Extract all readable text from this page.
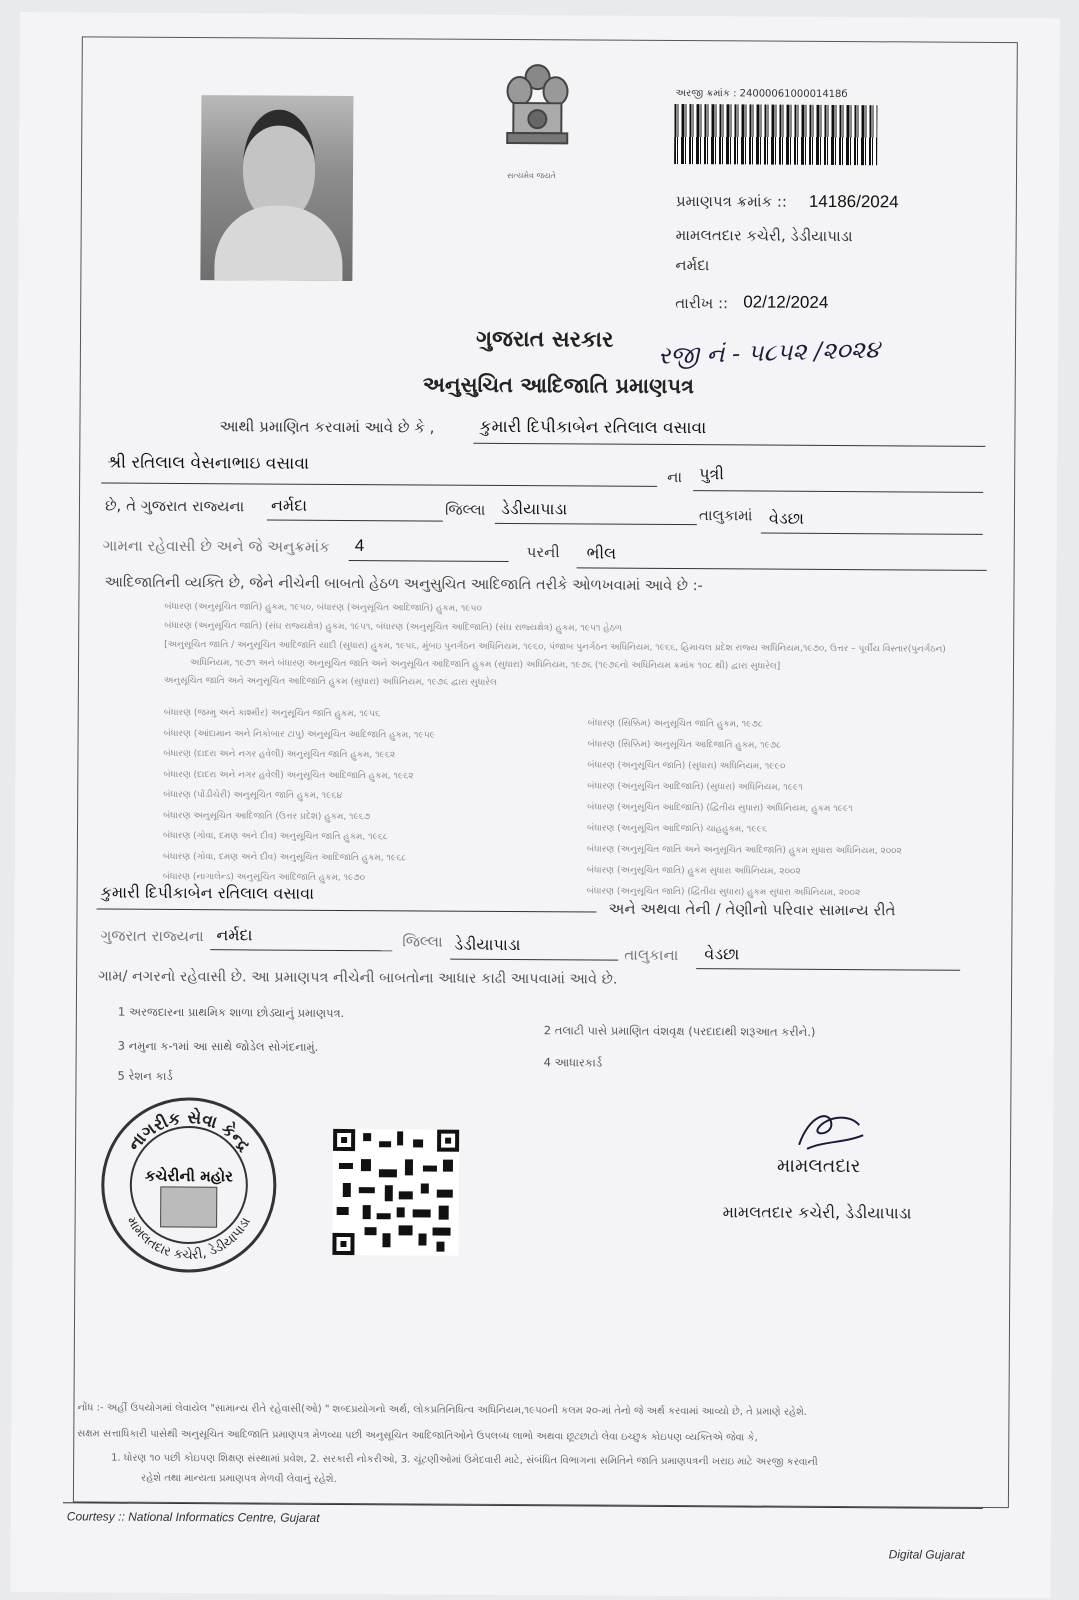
સત્યમેવ જયતે
અરજી ક્રમાંક : 2400006100001418б
પ્રમાણપત્ર ક્રમાંક :: 14186/2024
મામલતદાર કચેરી, ડેડીયાપાડા
નર્મદા
તારીખ :: 02/12/2024
ગુજરાત સરકાર રજી નં - ૫૮૫૨ /૨૦૨૪
અનુસુચિત આદિજાતિ પ્રમાણપત્ર
આથી પ્રમાણિત કરવામાં આવે છે કે ,	કુમારી દિપીકાબેન રતિલાલ વસાવા
શ્રી રતિલાલ વેસનાભાઇ વસાવા
ના પુત્રી
છે, તે ગુજરાત રાજ્યના નર્મદા	જિલ્લા ડેડીયાપાડા	તાલુકામાં વેડછા
ગામના રહેવાસી છે અને જે અનુક્રમાંક 4	પરની ભીલ
આદિજાતિની વ્યક્તિ છે, જેને નીચેની બાબતો હેઠળ અનુસુચિત આદિજાતિ તરીકે ઓળખવામાં આવે છે :-
બંધારણ (અનુસૂચિત જાતિ) હુકમ, ૧૯૫૦, બંધારણ (અનુસૂચિત આદિજાતિ) હુકમ, ૧૯૫૦
બંધારણ (અનુસૂચિત જાતિ) (સંઘ રાજ્યક્ષેત્ર) હુકમ, ૧૯૫૧, બંધારણ (અનુસૂચિત આદિજાતિ) (સંઘ રાજ્યક્ષેત્ર) હુકમ, ૧૯૫૧ હેઠળ
[અનુસૂચિત જાતિ / અનુસૂચિત આદિજાતિ યાદી (સુધારા) હુકમ, ૧૯૫૬, મુંબઇ પુનર્ગઠન અધિનિયમ, ૧૯૬૦, પંજાબ પુનર્ગઠન અધિનિયમ, ૧૯૬૬, હિમાચલ પ્રદેશ રાજ્ય અધિનિયમ,૧૯૭૦, ઉત્તર – પૂર્વીય વિસ્તાર(પુનર્ગઠન)
અધિનિયમ, ૧૯૭૧ અને બંધારણ અનુસૂચિત જાતિ અને અનુસૂચિત આદિજાતિ હુકમ (સુધારા) અધિનિયમ, ૧૯૭૬ (૧૯૭૬નો અધિનિયમ ક્રમાંક ૧૦૮ થી) દ્વારા સુધારેલ]
અનુસૂચિત જાતિ અને અનુસૂચિત આદિજાતિ હુકમ (સુધારા) અધિનિયમ, ૧૯૭૬ દ્વારા સુધારેલ
બંધારણ (જમ્મુ અને કાશ્મીર) અનુસૂચિત જાતિ હુકમ, ૧૯૫૬
બંધારણ (આંદામાન અને નિકોબાર ટાપુ) અનુસૂચિત આદિજાતિ હુકમ, ૧૯૫૯
બંધારણ (દાદરા અને નગર હવેલી) અનુસૂચિત જાતિ હુકમ, ૧૯૬૨
બંધારણ (દાદરા અને નગર હવેલી) અનુસૂચિત આદિજાતિ હુકમ, ૧૯૬૨
બંધારણ (પોંડીચેરી) અનુસૂચિત જાતિ હુકમ, ૧૯૬૪
બંધારણ અનુસૂચિત આદિજાતિ (ઉત્તર પ્રદેશ) હુકમ, ૧૯૬૭
બંધારણ (ગોવા, દમણ અને દીવ) અનુસૂચિત જાતિ હુકમ, ૧૯૬૮
બંધારણ (ગોવા, દમણ અને દીવ) અનુસૂચિત આદિજાતિ હુકમ, ૧૯૬૮
બંધારણ (નાગાલેન્ડ) અનુસૂચિત આદિજાતિ હુકમ, ૧૯૭૦
બંધારણ (સિક્કિમ) અનુસૂચિત જાતિ હુકમ, ૧૯૭૮
બંધારણ (સિક્કિમ) અનુસૂચિત આદિજાતિ હુકમ, ૧૯૭૮
બંધારણ (અનુસૂચિત જાતિ) (સુધારા) અધિનિયમ, ૧૯૯૦
બંધારણ (અનુસૂચિત આદિજાતિ) (સુધારા) અધિનિયમ, ૧૯૯૧
બંધારણ (અનુસૂચિત આદિજાતિ) (દ્વિતીય સુધારા) અધિનિયમ, હુકમ ૧૯૯૧
બંધારણ (અનુસૂચિત આદિજાતિ) ચાહહુકમ, ૧૯૯૬
બંધારણ (અનુસૂચિત જાતિ અને અનુસૂચિત આદિજાતિ) હુકમ સુધારા અધિનિયમ, ૨૦૦૨
બંધારણ (અનુસૂચિત જાતિ) હુકમ સુધારા અધિનિયમ, ૨૦૦૨
બંધારણ (અનુસૂચિત જાતિ) (દ્વિતીય સુધારા) હુકમ સુધારા અધિનિયમ, ૨૦૦૨
કુમારી દિપીકાબેન રતિલાલ વસાવા
અને અથવા તેની / તેણીનો પરિવાર સામાન્ય રીતે
ગુજરાત રાજ્યના નર્મદા	જિલ્લા ડેડીયાપાડા
તાલુકાના વેડછા
ગામ/ નગરનો રહેવાસી છે. આ પ્રમાણપત્ર નીચેની બાબતોના આધાર કાઢી આપવામાં આવે છે.
1 અરજદારના પ્રાથમિક શાળા છોડ્યાનું પ્રમાણપત્ર.
2 તલાટી પાસે પ્રમાણિત વંશવૃક્ષ (પરદાદાથી શરૂઆત કરીને.)
3 નમુના ક-૧માં આ સાથે જોડેલ સોગંદનામું.
4 આધારકાર્ડ
5 રેશન કાર્ડ
નાગરીક સેવા કેન્દ્ર
મામલતદાર કચેરી, ડેડીયાપાડા
કચેરીની મહોર	મામલતદાર
મામલતદાર કચેરી, ડેડીયાપાડા
નોંધ :- અહીં ઉપયોગમાં લેવાયેલ "સામાન્ય રીતે રહેવાસી(ઓ) " શબ્દપ્રયોગનો અર્થ, લોકપ્રતિનિધિત્વ અધિનિયમ,૧૯૫૦ની કલમ ૨૦-માં તેનો જે અર્થ કરવામાં આવ્યો છે, તે પ્રમાણે રહેશે.
સક્ષમ સત્તાધિકારી પાસેથી અનુસૂચિત આદિજાતિ પ્રમાણપત્ર મેળવ્યા પછી અનુસૂચિત આદિજાતિઓને ઉપલબ્ધ લાભો અથવા છૂટછાટો લેવા ઇચ્છુક કોઇપણ વ્યક્તિએ જેવા કે,
1. ધોરણ ૧૦ પછી કોઇપણ શિક્ષણ સંસ્થામાં પ્રવેશ, 2. સરકારી નોકરીઓ, 3. ચૂંટણીઓમાં ઉમેદવારી માટે, સંબંધિત વિભાગના સમિતિને જાતિ પ્રમાણપત્રની ખરાઇ માટે અરજી કરવાની
રહેશે તથા માન્યતા પ્રમાણપત્ર મેળવી લેવાનું રહેશે.
Courtesy :: National Informatics Centre, Gujarat
Digital Gujarat
